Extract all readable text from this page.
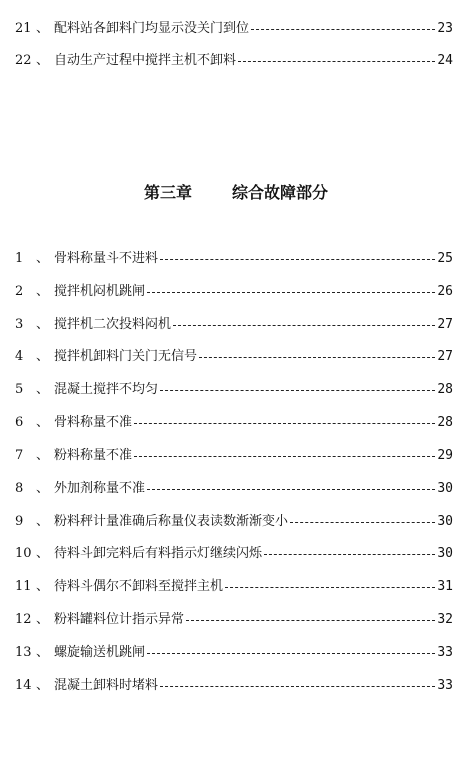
21 、 配料站各卸料门均显示没关门到位	23
22 、 自动生产过程中搅拌主机不卸料	24
第三章	综合故障部分
1 、 骨料称量斗不进料	25
2 、 搅拌机闷机跳闸	26
3 、 搅拌机二次投料闷机	27
4 、 搅拌机卸料门关门无信号	27
5 、 混凝土搅拌不均匀	28
6 、 骨料称量不准	28
7 、 粉料称量不准	29
8 、 外加剂称量不准	30
9 、 粉料秤计量准确后称量仪表读数渐渐变小	30
10 、 待料斗卸完料后有料指示灯继续闪烁	30
11 、 待料斗偶尔不卸料至搅拌主机	31
12 、 粉料罐料位计指示异常	32
13 、 螺旋输送机跳闸	33
14 、 混凝土卸料时堵料	33
